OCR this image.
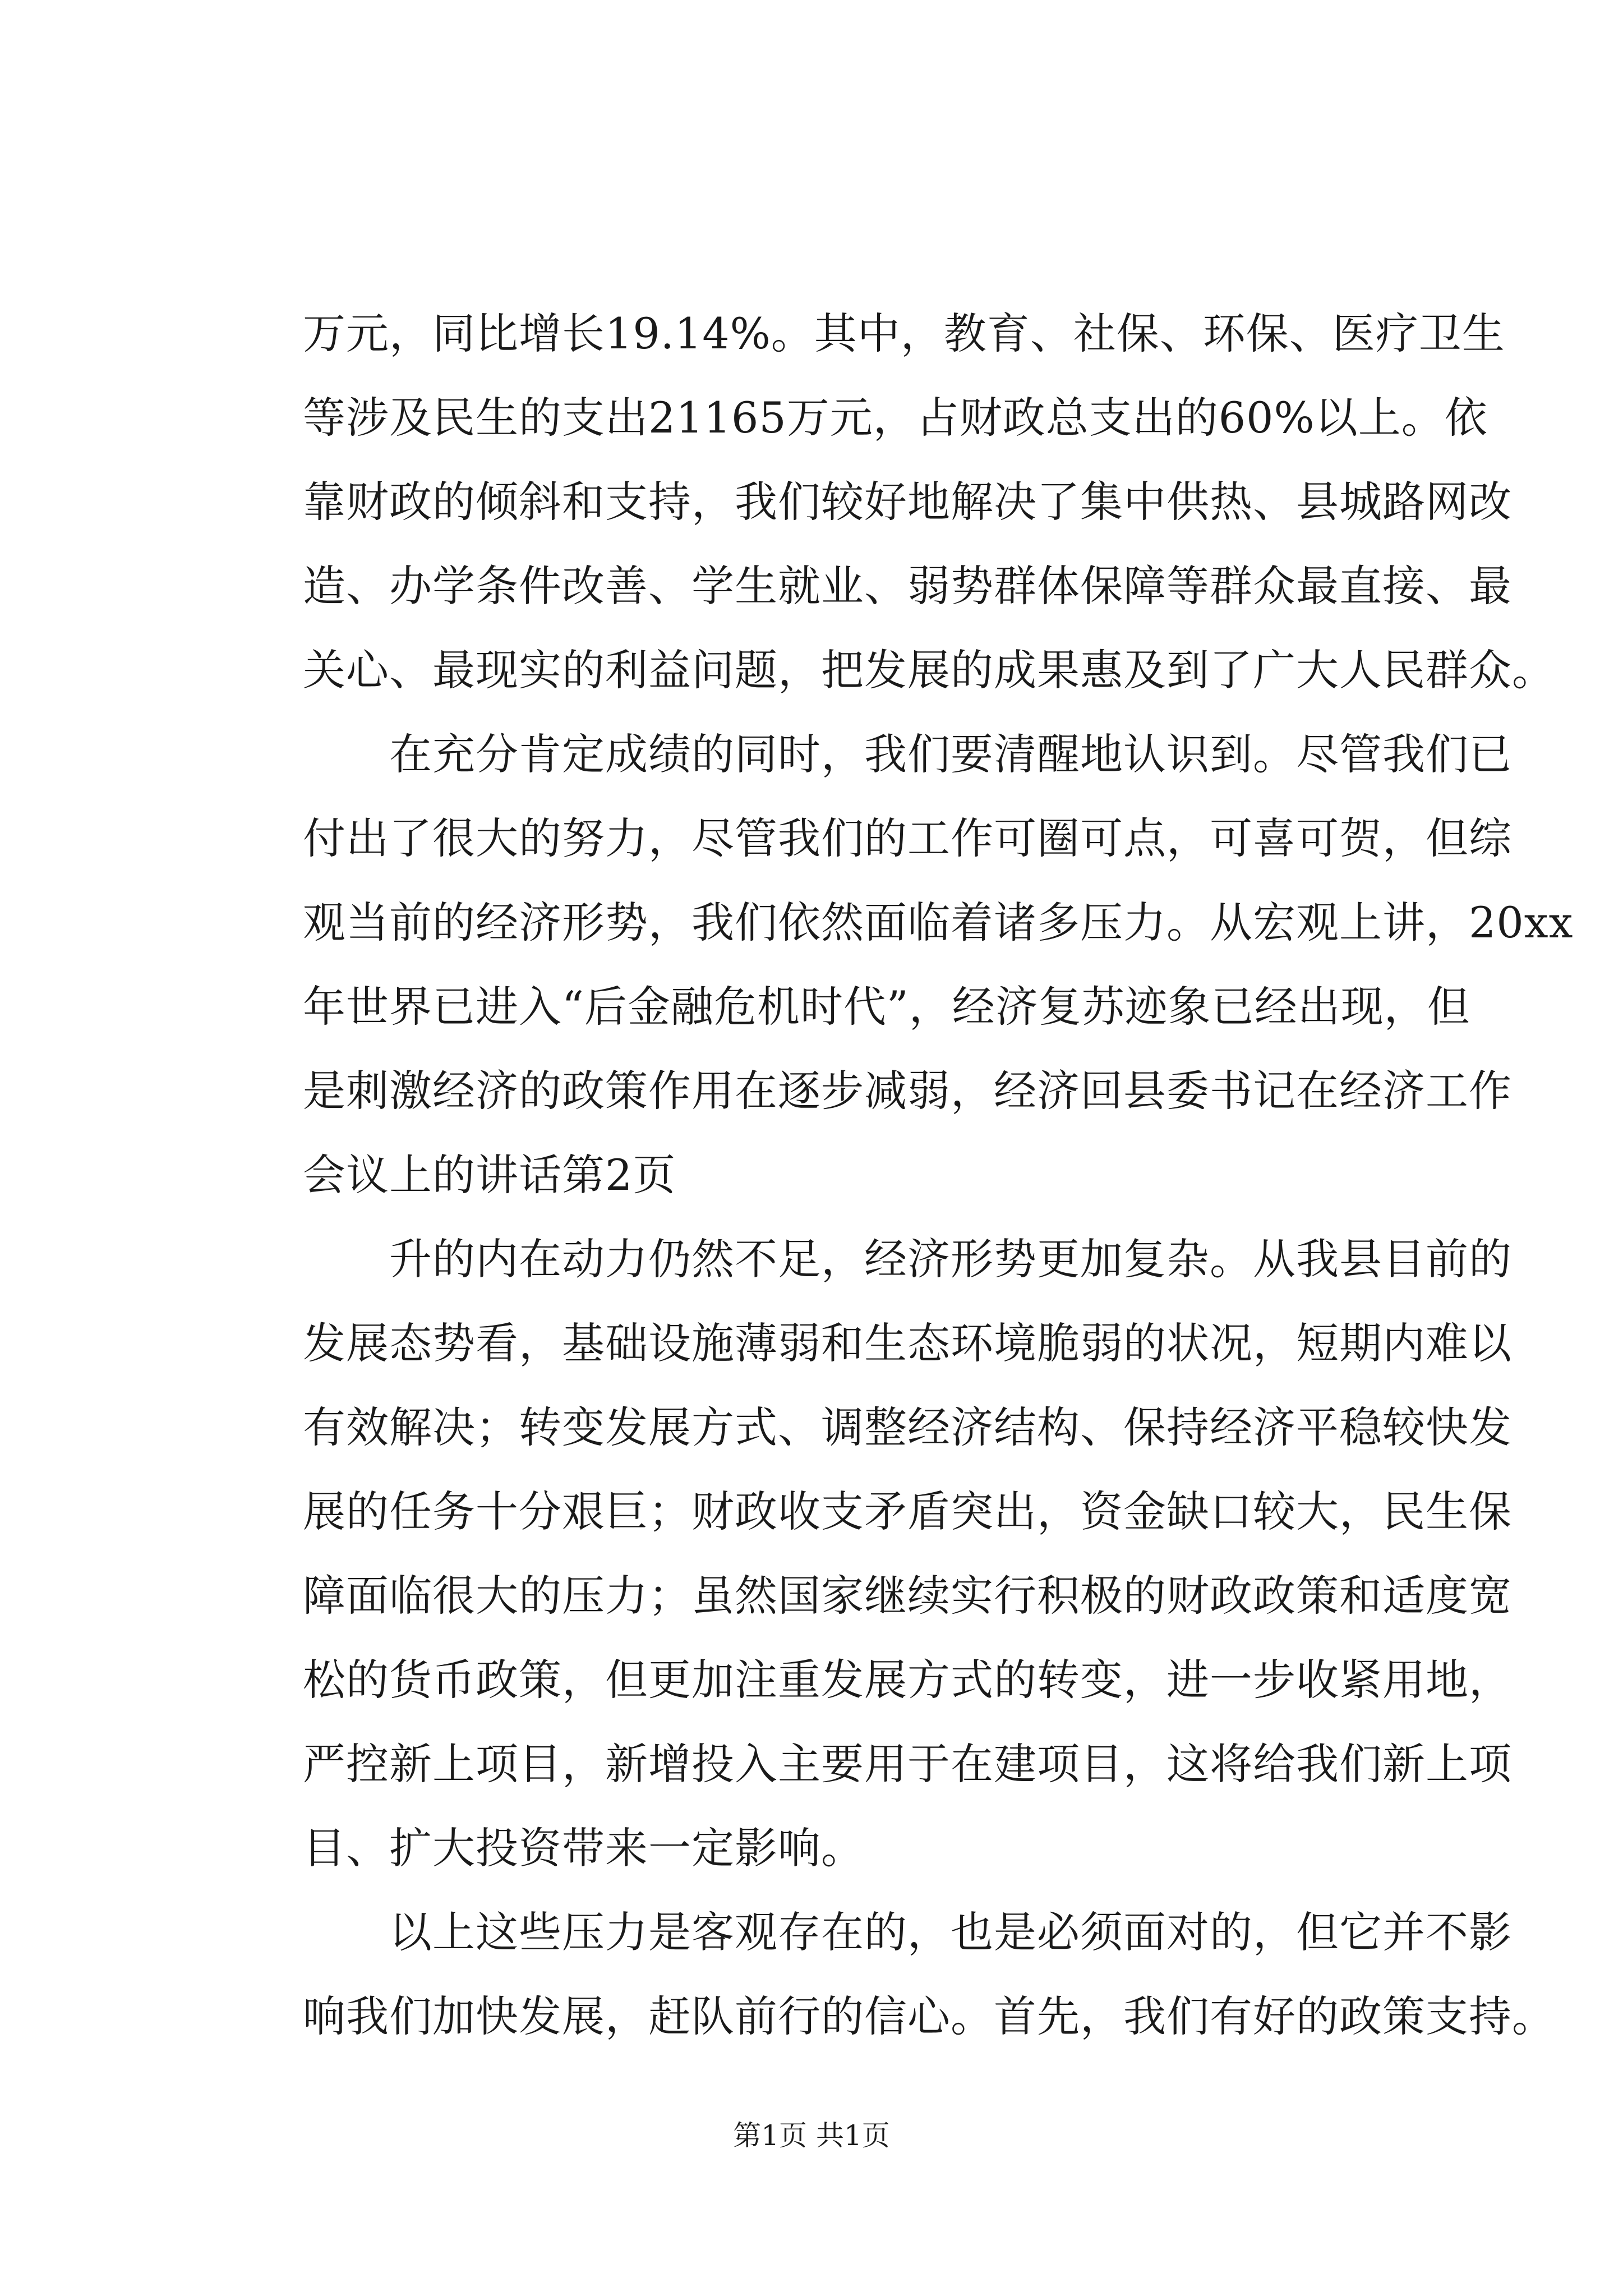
万元，同比增长19.14%。其中，教育、社保、环保、医疗卫生
等涉及民生的支出21165万元，占财政总支出的60%以上。依
靠财政的倾斜和支持，我们较好地解决了集中供热、县城路网改
造、办学条件改善、学生就业、弱势群体保障等群众最直接、最
关心、最现实的利益问题，把发展的成果惠及到了广大人民群众。
　　在充分肯定成绩的同时，我们要清醒地认识到。尽管我们已
付出了很大的努力，尽管我们的工作可圈可点，可喜可贺，但综
观当前的经济形势，我们依然面临着诸多压力。从宏观上讲，20xx
年世界已进入“后金融危机时代”，经济复苏迹象已经出现，但
是刺激经济的政策作用在逐步减弱，经济回县委书记在经济工作
会议上的讲话第2页
　　升的内在动力仍然不足，经济形势更加复杂。从我县目前的
发展态势看，基础设施薄弱和生态环境脆弱的状况，短期内难以
有效解决；转变发展方式、调整经济结构、保持经济平稳较快发
展的任务十分艰巨；财政收支矛盾突出，资金缺口较大，民生保
障面临很大的压力；虽然国家继续实行积极的财政政策和适度宽
松的货币政策，但更加注重发展方式的转变，进一步收紧用地，
严控新上项目，新增投入主要用于在建项目，这将给我们新上项
目、扩大投资带来一定影响。
　　以上这些压力是客观存在的，也是必须面对的，但它并不影
响我们加快发展，赶队前行的信心。首先，我们有好的政策支持。
第1页 共1页
